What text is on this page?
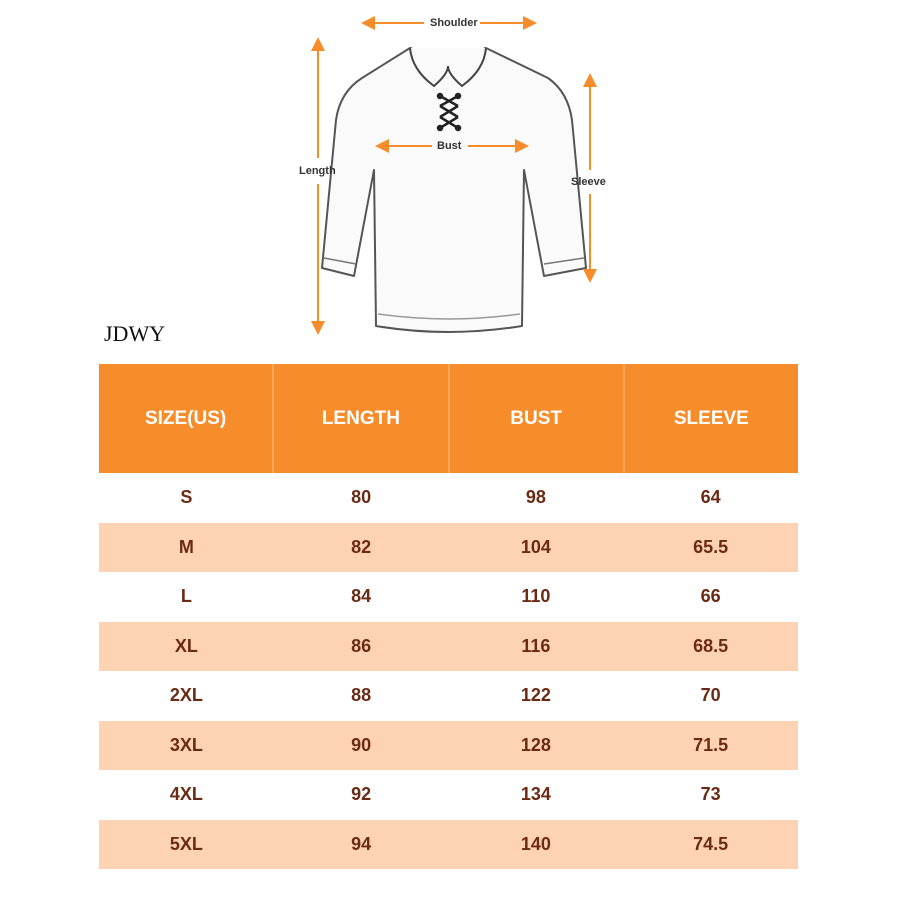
Shoulder
Length
Bust
Sleeve
JDWY
SIZE(US)	LENGTH	BUST	SLEEVE
S	80	98	64
M	82	104	65.5
L	84	110	66
XL	86	116	68.5
2XL	88	122	70
3XL	90	128	71.5
4XL	92	134	73
5XL	94	140	74.5
